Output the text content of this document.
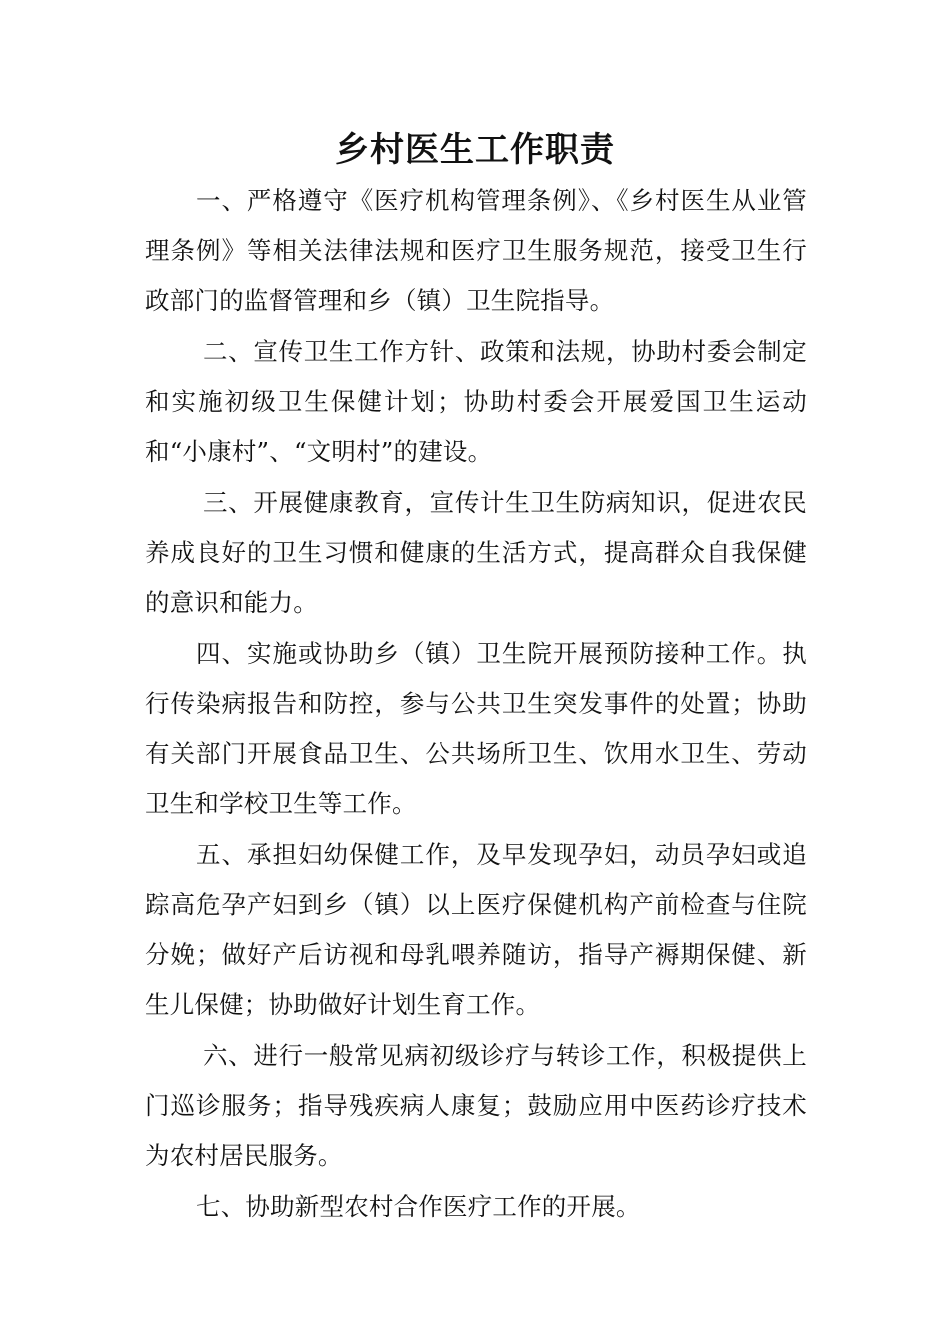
乡村医生工作职责

一、严格遵守《医疗机构管理条例》、《乡村医生从业管理条例》等相关法律法规和医疗卫生服务规范，接受卫生行政部门的监督管理和乡（镇）卫生院指导。

二、宣传卫生工作方针、政策和法规，协助村委会制定和实施初级卫生保健计划；协助村委会开展爱国卫生运动和“小康村”、“文明村”的建设。

三、开展健康教育，宣传计生卫生防病知识，促进农民养成良好的卫生习惯和健康的生活方式，提高群众自我保健的意识和能力。

四、实施或协助乡（镇）卫生院开展预防接种工作。执行传染病报告和防控，参与公共卫生突发事件的处置；协助有关部门开展食品卫生、公共场所卫生、饮用水卫生、劳动卫生和学校卫生等工作。

五、承担妇幼保健工作，及早发现孕妇，动员孕妇或追踪高危孕产妇到乡（镇）以上医疗保健机构产前检查与住院分娩；做好产后访视和母乳喂养随访，指导产褥期保健、新生儿保健；协助做好计划生育工作。

六、进行一般常见病初级诊疗与转诊工作，积极提供上门巡诊服务；指导残疾病人康复；鼓励应用中医药诊疗技术为农村居民服务。

七、协助新型农村合作医疗工作的开展。
